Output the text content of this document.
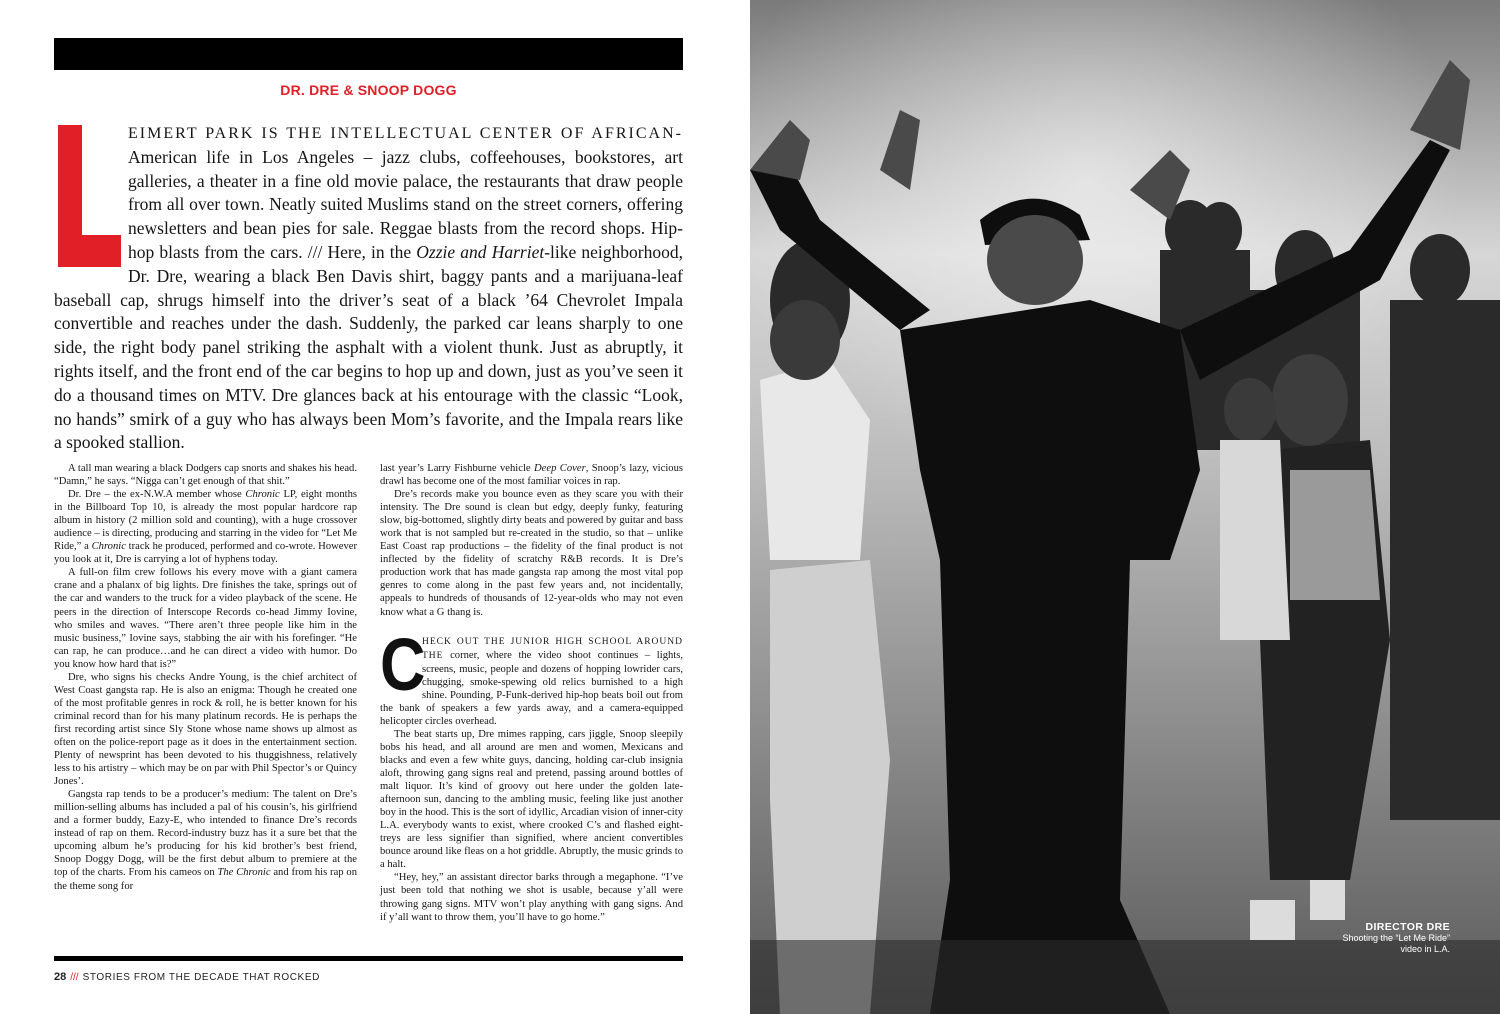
DR. DRE & SNOOP DOGG

EIMERT PARK IS THE INTELLECTUAL CENTER OF AFRICAN- American life in Los Angeles – jazz clubs, coffeehouses, bookstores, art galleries, a theater in a fine old movie palace, the restaurants that draw people from all over town. Neatly suited Muslims stand on the street corners, offering newsletters and bean pies for sale. Reggae blasts from the record shops. Hip-hop blasts from the cars. /// Here, in the Ozzie and Harriet-like neighborhood, Dr. Dre, wearing a black Ben Davis shirt, baggy pants and a marijuana-leaf baseball cap, shrugs himself into the driver’s seat of a black ’64 Chevrolet Impala convertible and reaches under the dash. Suddenly, the parked car leans sharply to one side, the right body panel striking the asphalt with a violent thunk. Just as abruptly, it rights itself, and the front end of the car begins to hop up and down, just as you’ve seen it do a thousand times on MTV. Dre glances back at his entourage with the classic “Look, no hands” smirk of a guy who has always been Mom’s favorite, and the Impala rears like a spooked stallion.

A tall man wearing a black Dodgers cap snorts and shakes his head. “Damn,” he says. “Nigga can’t get enough of that shit.”

Dr. Dre – the ex-N.W.A member whose Chronic LP, eight months in the Billboard Top 10, is already the most popular hardcore rap album in history (2 million sold and counting), with a huge crossover audience – is directing, producing and starring in the video for “Let Me Ride,” a Chronic track he produced, performed and co-wrote. However you look at it, Dre is carrying a lot of hyphens today.

A full-on film crew follows his every move with a giant camera crane and a phalanx of big lights. Dre finishes the take, springs out of the car and wanders to the truck for a video playback of the scene. He peers in the direction of Interscope Records co-head Jimmy Iovine, who smiles and waves. “There aren’t three people like him in the music business,” Iovine says, stabbing the air with his forefinger. “He can rap, he can produce…and he can direct a video with humor. Do you know how hard that is?”

Dre, who signs his checks Andre Young, is the chief architect of West Coast gangsta rap. He is also an enigma: Though he created one of the most profitable genres in rock & roll, he is better known for his criminal record than for his many platinum records. He is perhaps the first recording artist since Sly Stone whose name shows up almost as often on the police-report page as it does in the entertainment section. Plenty of newsprint has been devoted to his thuggishness, relatively less to his artistry – which may be on par with Phil Spector’s or Quincy Jones’.

Gangsta rap tends to be a producer’s medium: The talent on Dre’s million-selling albums has included a pal of his cousin’s, his girlfriend and a former buddy, Eazy-E, who intended to finance Dre’s records instead of rap on them. Record-industry buzz has it a sure bet that the upcoming album he’s producing for his kid brother’s best friend, Snoop Doggy Dogg, will be the first debut album to premiere at the top of the charts. From his cameos on The Chronic and from his rap on the theme song for

last year’s Larry Fishburne vehicle Deep Cover, Snoop’s lazy, vicious drawl has become one of the most familiar voices in rap.

Dre’s records make you bounce even as they scare you with their intensity. The Dre sound is clean but edgy, deeply funky, featuring slow, big-bottomed, slightly dirty beats and powered by guitar and bass work that is not sampled but re-created in the studio, so that – unlike East Coast rap productions – the fidelity of the final product is not inflected by the fidelity of scratchy R&B records. It is Dre’s production work that has made gangsta rap among the most vital pop genres to come along in the past few years and, not incidentally, appeals to hundreds of thousands of 12-year-olds who may not even know what a G thang is.

C
HECK OUT THE JUNIOR HIGH SCHOOL AROUND THE corner, where the video shoot continues – lights, screens, music, people and dozens of hopping lowrider cars, chugging, smoke-spewing old relics burnished to a high shine. Pounding, P-Funk-derived hip-hop beats boil out from the bank of speakers a few yards away, and a camera-equipped helicopter circles overhead.

The beat starts up, Dre mimes rapping, cars jiggle, Snoop sleepily bobs his head, and all around are men and women, Mexicans and blacks and even a few white guys, dancing, holding car-club insignia aloft, throwing gang signs real and pretend, passing around bottles of malt liquor. It’s kind of groovy out here under the golden late-afternoon sun, dancing to the ambling music, feeling like just another boy in the hood. This is the sort of idyllic, Arcadian vision of inner-city L.A. everybody wants to exist, where crooked C’s and flashed eight-treys are less signifier than signified, where ancient convertibles bounce around like fleas on a hot griddle. Abruptly, the music grinds to a halt.

“Hey, hey,” an assistant director barks through a megaphone. “I’ve just been told that nothing we shot is usable, because y’all were throwing gang signs. MTV won’t play anything with gang signs. And if y’all want to throw them, you’ll have to go home.”

28 /// STORIES FROM THE DECADE THAT ROCKED
DIRECTOR DRE
Shooting the “Let Me Ride” video in L.A.
